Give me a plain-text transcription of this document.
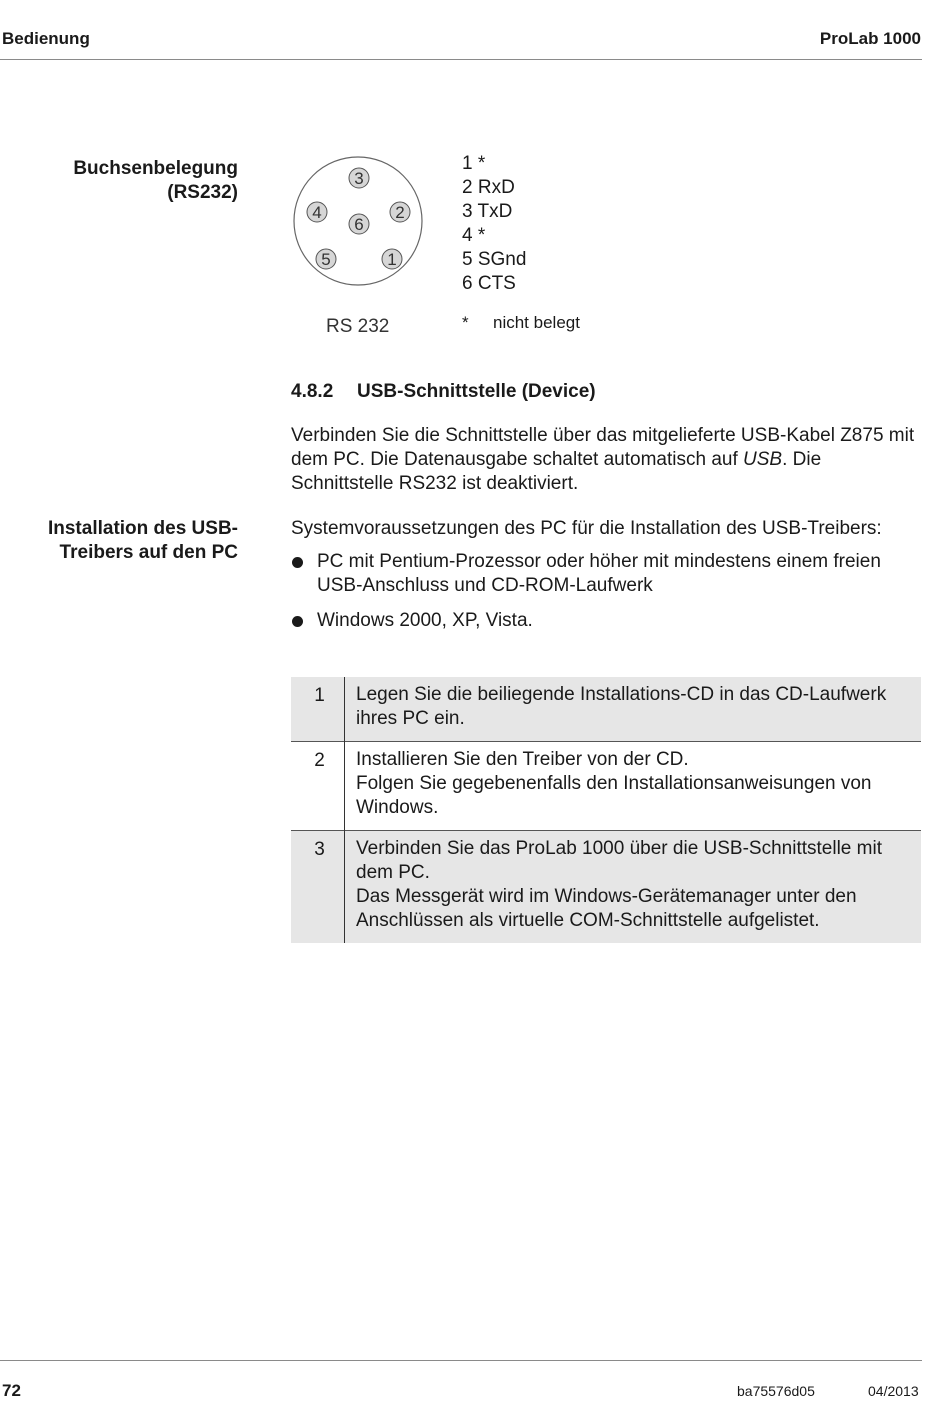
Bedienung	ProLab 1000
Buchsenbelegung
(RS232)
3
4
6
2
5	1
RS 232
1 *
2 RxD
3 TxD
4 *
5 SGnd
6 CTS
* nicht belegt
4.8.2 USB-Schnittstelle (Device)
Verbinden Sie die Schnittstelle über das mitgelieferte USB-Kabel Z875 mit dem PC. Die Datenausgabe schaltet automatisch auf USB. Die Schnittstelle RS232 ist deaktiviert.
Installation des USB-
Treibers auf den PC
Systemvoraussetzungen des PC für die Installation des USB-Treibers:
PC mit Pentium-Prozessor oder höher mit mindestens einem freien USB-Anschluss und CD-ROM-Laufwerk
Windows 2000, XP, Vista.
1	Legen Sie die beiliegende Installations-CD in das CD-Laufwerk ihres PC ein.

2	Installieren Sie den Treiber von der CD.
Folgen Sie gegebenenfalls den Installationsanweisungen von Windows.

3	Verbinden Sie das ProLab 1000 über die USB-Schnittstelle mit dem PC.
Das Messgerät wird im Windows-Gerätemanager unter den Anschlüssen als virtuelle COM-Schnittstelle aufgelistet.
72	ba75576d05	04/2013
